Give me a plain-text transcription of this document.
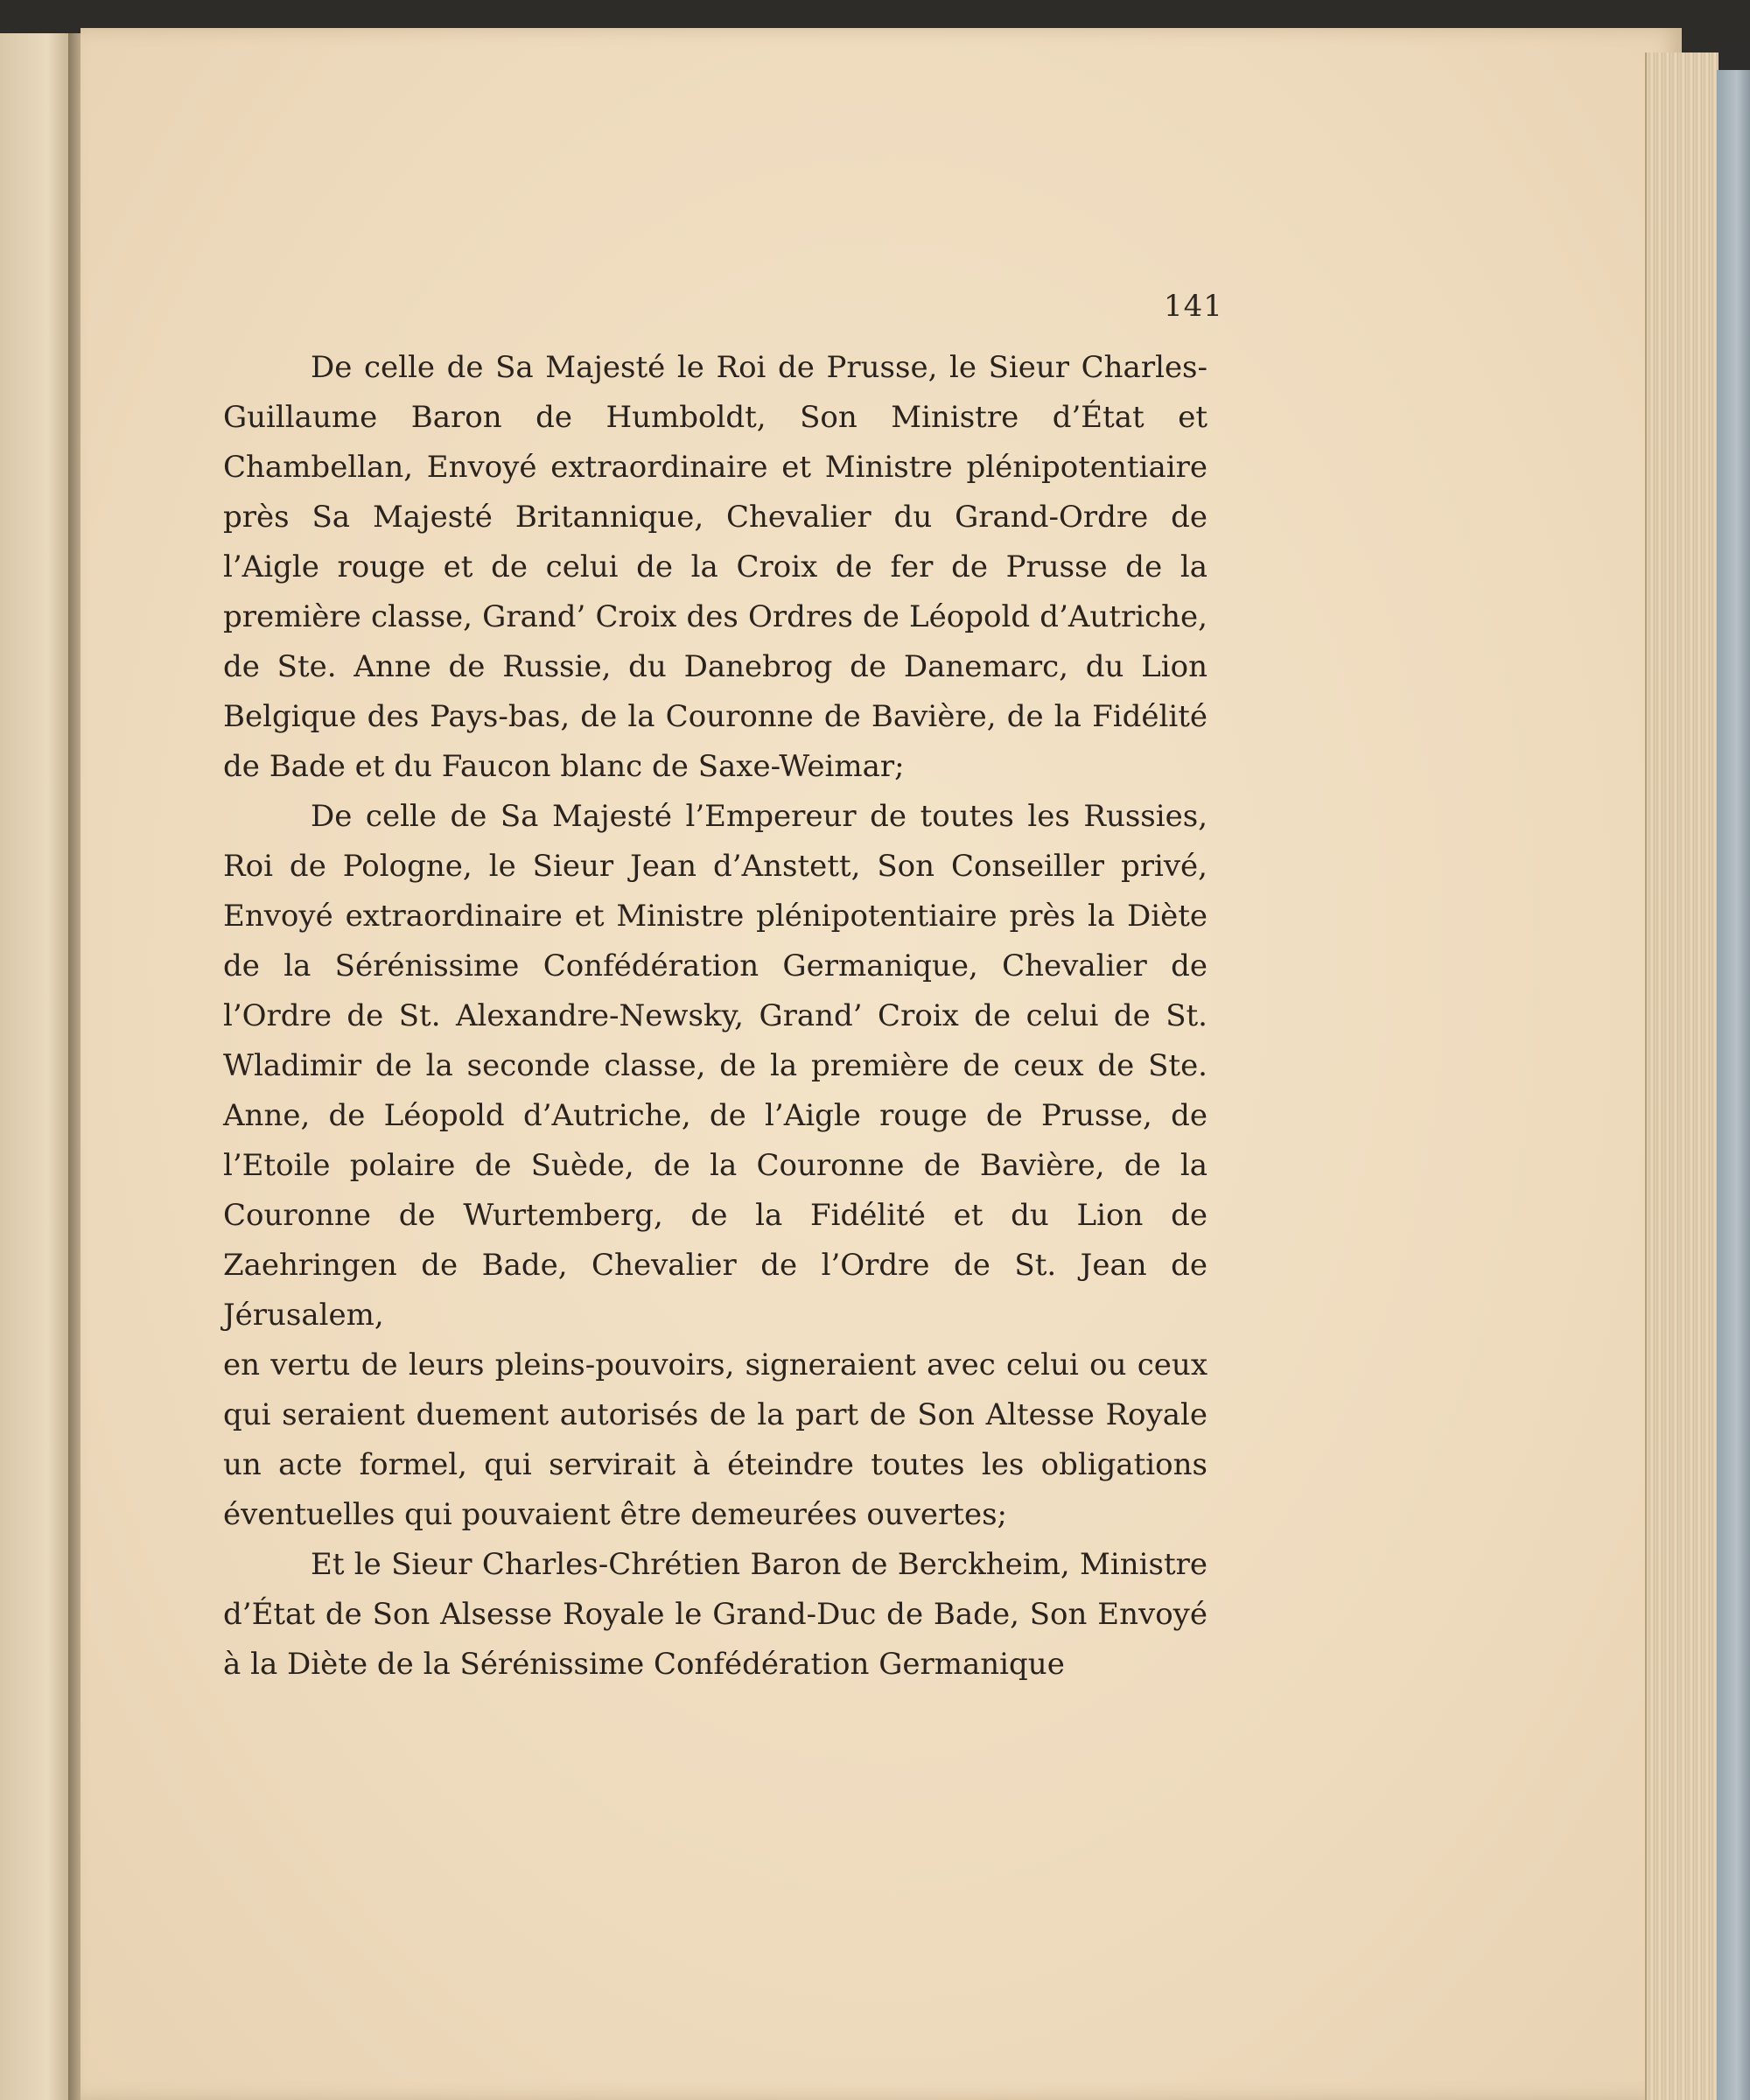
141

De celle de Sa Majesté le Roi de Prusse, le Sieur Charles-Guillaume Baron de Humboldt, Son Ministre d’État et Chambellan, Envoyé extraordinaire et Ministre plénipotentiaire près Sa Majesté Britannique, Chevalier du Grand-Ordre de l’Aigle rouge et de celui de la Croix de fer de Prusse de la première classe, Grand’ Croix des Ordres de Léopold d’Autriche, de Ste. Anne de Russie, du Danebrog de Danemarc, du Lion Belgique des Pays-bas, de la Couronne de Bavière, de la Fidélité de Bade et du Faucon blanc de Saxe-Weimar;

De celle de Sa Majesté l’Empereur de toutes les Russies, Roi de Pologne, le Sieur Jean d’Anstett, Son Conseiller privé, Envoyé extraordinaire et Ministre plénipotentiaire près la Diète de la Sérénissime Confédération Germanique, Chevalier de l’Ordre de St. Alexandre-Newsky, Grand’ Croix de celui de St. Wladimir de la seconde classe, de la première de ceux de Ste. Anne, de Léopold d’Autriche, de l’Aigle rouge de Prusse, de l’Etoile polaire de Suède, de la Couronne de Bavière, de la Couronne de Wurtemberg, de la Fidélité et du Lion de Zaehringen de Bade, Chevalier de l’Ordre de St. Jean de Jérusalem,

en vertu de leurs pleins-pouvoirs, signeraient avec celui ou ceux qui seraient duement autorisés de la part de Son Altesse Royale un acte formel, qui servirait à éteindre toutes les obligations éventuelles qui pouvaient être demeurées ouvertes;

Et le Sieur Charles-Chrétien Baron de Berckheim, Ministre d’État de Son Alsesse Royale le Grand-Duc de Bade, Son Envoyé à la Diète de la Sérénissime Confédération Germanique
